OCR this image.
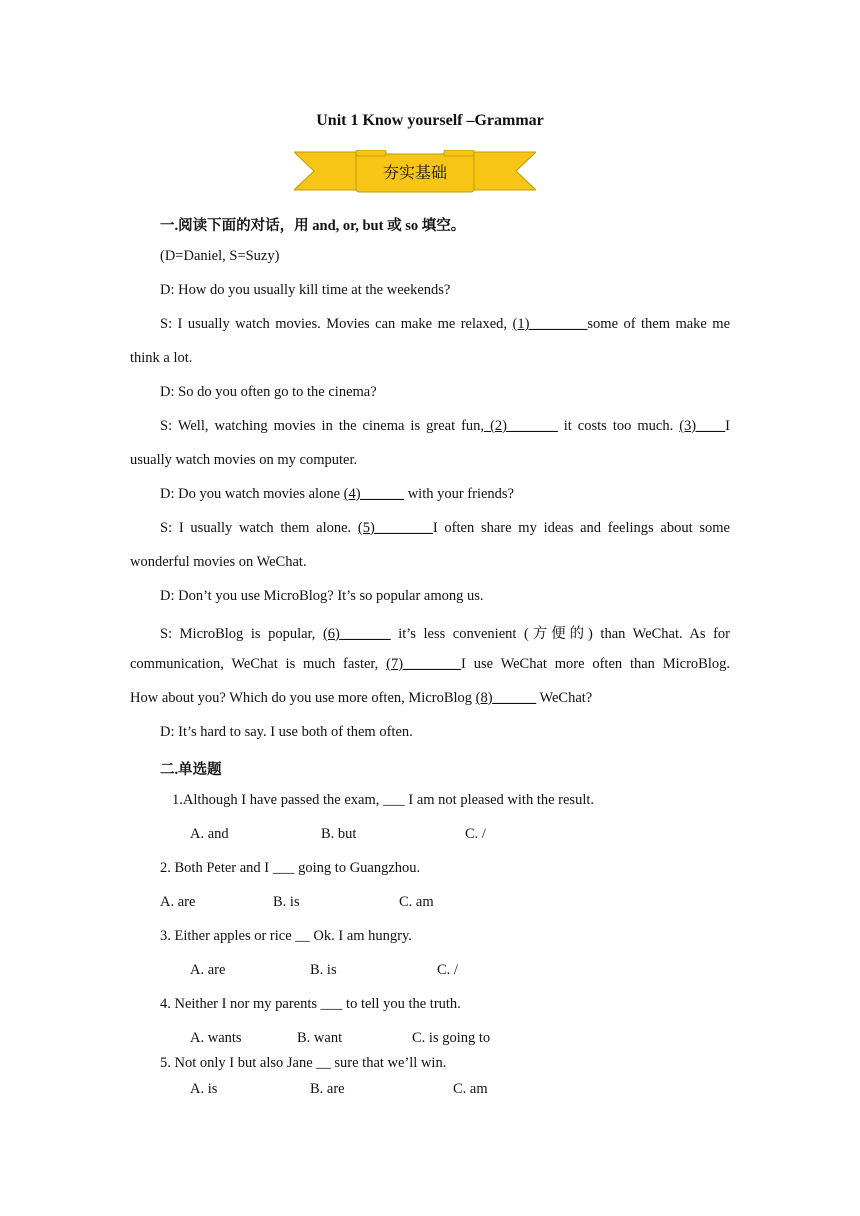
Unit 1 Know yourself –Grammar
夯实基础
一.阅读下面的对话，用 and, or, but 或 so 填空。
(D=Daniel, S=Suzy)
D: How do you usually kill time at the weekends?
S: I usually watch movies. Movies can make me relaxed, (1)________some of them make me
think a lot.
D: So do you often go to the cinema?
S: Well, watching movies in the cinema is great fun, (2)_______ it costs too much. (3)____I
usually watch movies on my computer.
D: Do you watch movies alone (4)______ with your friends?
S: I usually watch them alone. (5)________I often share my ideas and feelings about some
wonderful movies on WeChat.
D: Don’t you use MicroBlog? It’s so popular among us.
S: MicroBlog is popular, (6)_______ it’s less convenient (方便的) than WeChat. As for
communication, WeChat is much faster, (7)________I use WeChat more often than MicroBlog.
How about you? Which do you use more often, MicroBlog (8)______ WeChat?
D: It’s hard to say. I use both of them often.
二.单选题
1.Although I have passed the exam, ___ I am not pleased with the result.
A. and	B. but	C. /
2. Both Peter and I ___ going to Guangzhou.
A. are	B. is	C. am
3. Either apples or rice __ Ok. I am hungry.
A. are	B. is	C. /
4. Neither I nor my parents ___ to tell you the truth.
A. wants	B. want	C. is going to
5. Not only I but also Jane __ sure that we’ll win.
A. is	B. are	C. am
